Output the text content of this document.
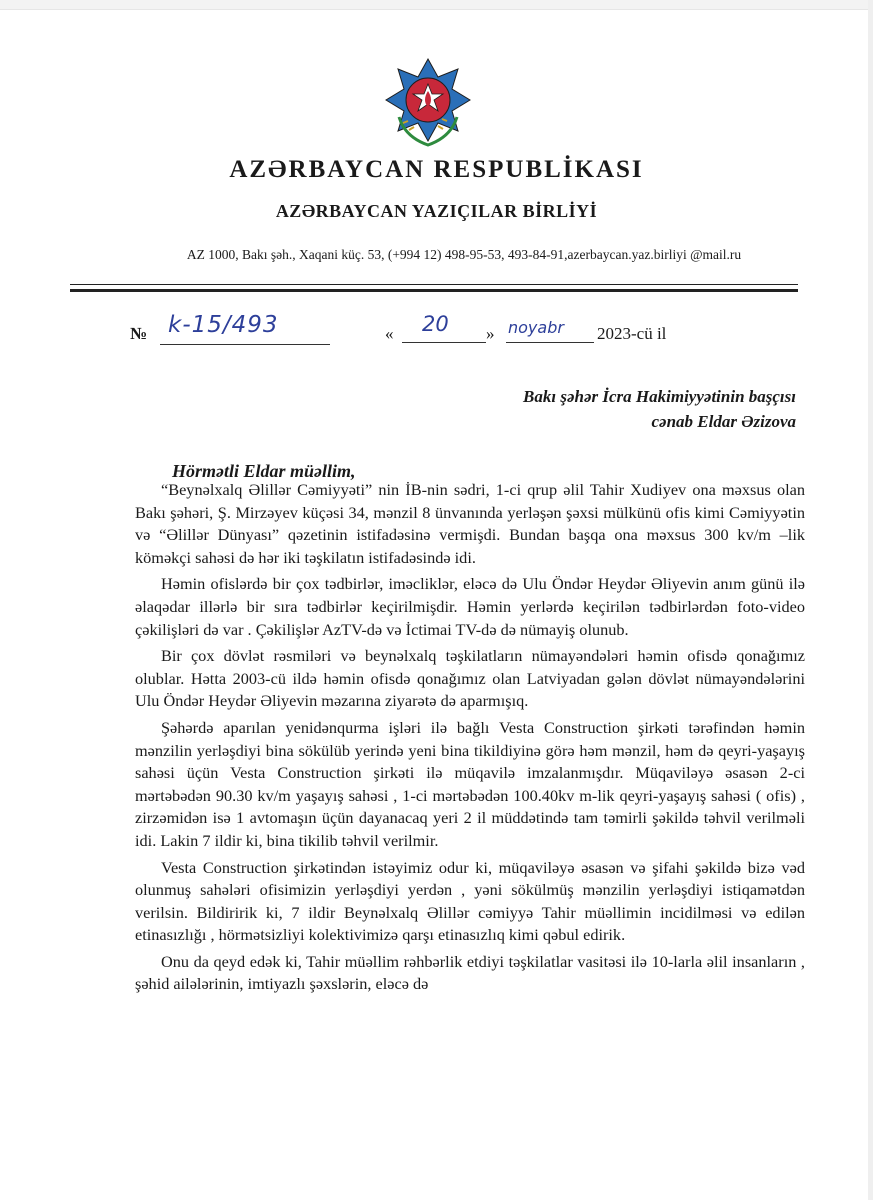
AZƏRBAYCAN RESPUBLİKASI
AZƏRBAYCAN YAZIÇILAR BİRLİYİ
AZ 1000, Bakı şəh., Xaqani küç. 53, (+994 12) 498-95-53, 493-84-91,azerbaycan.yaz.birliyi @mail.ru
№ k-15/493	« 20 » noyabr 2023-cü il
Bakı şəhər İcra Hakimiyyətinin başçısı
cənab Eldar Əzizova
Hörmətli Eldar müəllim,

“Beynəlxalq Əlillər Cəmiyyəti” nin İB-nin sədri, 1-ci qrup əlil Tahir Xudiyev ona məxsus olan Bakı şəhəri, Ş. Mirzəyev küçəsi 34, mənzil 8 ünvanında yerləşən şəxsi mülkünü ofis kimi Cəmiyyətin və “Əlillər Dünyası” qəzetinin istifadəsinə vermişdi. Bundan başqa ona məxsus 300 kv/m –lik köməkçi sahəsi də hər iki təşkilatın istifadəsində idi.

Həmin ofislərdə bir çox tədbirlər, iməcliklər, eləcə də Ulu Öndər Heydər Əliyevin anım günü ilə əlaqədar illərlə bir sıra tədbirlər keçirilmişdir. Həmin yerlərdə keçirilən tədbirlərdən foto-video çəkilişləri də var . Çəkilişlər AzTV-də və İctimai TV-də də nümayiş olunub.

Bir çox dövlət rəsmiləri və beynəlxalq təşkilatların nümayəndələri həmin ofisdə qonağımız olublar. Hətta 2003-cü ildə həmin ofisdə qonağımız olan Latviyadan gələn dövlət nümayəndələrini Ulu Öndər Heydər Əliyevin məzarına ziyarətə də aparmışıq.

Şəhərdə aparılan yenidənqurma işləri ilə bağlı Vesta Construction şirkəti tərəfindən həmin mənzilin yerləşdiyi bina sökülüb yerində yeni bina tikildiyinə görə həm mənzil, həm də qeyri-yaşayış sahəsi üçün Vesta Construction şirkəti ilə müqavilə imzalanmışdır. Müqaviləyə əsasən 2-ci mərtəbədən 90.30 kv/m yaşayış sahəsi , 1-ci mərtəbədən 100.40kv m-lik qeyri-yaşayış sahəsi ( ofis) , zirzəmidən isə 1 avtomaşın üçün dayanacaq yeri 2 il müddətində tam təmirli şəkildə təhvil verilməli idi. Lakin 7 ildir ki, bina tikilib təhvil verilmir.

Vesta Construction şirkətindən istəyimiz odur ki, müqaviləyə əsasən və şifahi şəkildə bizə vəd olunmuş sahələri ofisimizin yerləşdiyi yerdən , yəni sökülmüş mənzilin yerləşdiyi istiqamətdən verilsin. Bildiririk ki, 7 ildir Beynəlxalq Əlillər cəmiyyə Tahir müəllimin incidilməsi və edilən etinasızlığı , hörmətsizliyi kolektivimizə qarşı etinasızlıq kimi qəbul edirik.

Onu da qeyd edək ki, Tahir müəllim rəhbərlik etdiyi təşkilatlar vasitəsi ilə 10-larla əlil insanların , şəhid ailələrinin, imtiyazlı şəxslərin, eləcə də
